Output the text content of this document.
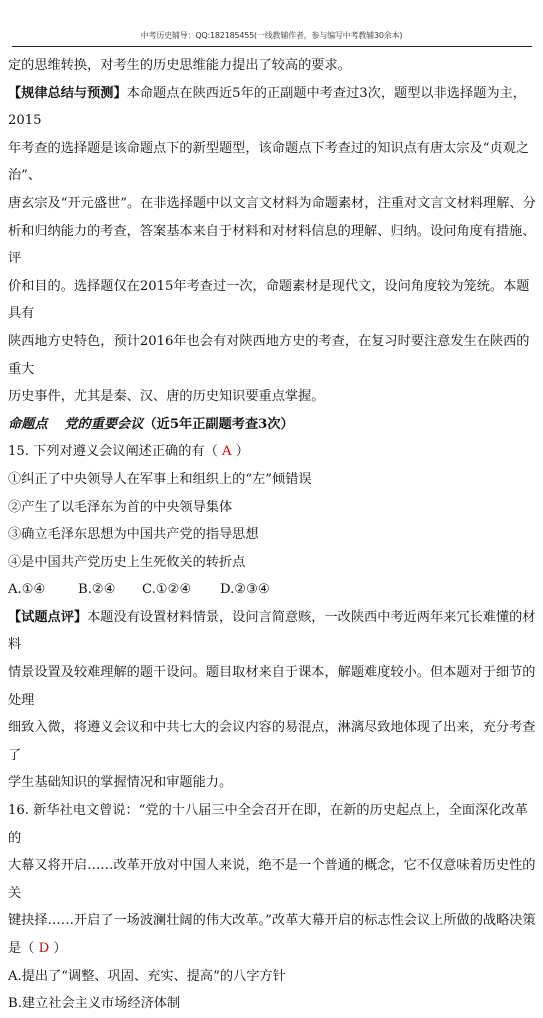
中考历史辅导：QQ:182185455(一线教辅作者，参与编写中考教辅30余本)

定的思维转换，对考生的历史思维能力提出了较高的要求。

【规律总结与预测】本命题点在陕西近5年的正副题中考查过3次，题型以非选择题为主，2015

年考查的选择题是该命题点下的新型题型，该命题点下考查过的知识点有唐太宗及“贞观之治”、

唐玄宗及“开元盛世”。在非选择题中以文言文材料为命题素材，注重对文言文材料理解、分

析和归纳能力的考查，答案基本来自于材料和对材料信息的理解、归纳。设问角度有措施、评

价和目的。选择题仅在2015年考查过一次，命题素材是现代文，设问角度较为笼统。本题具有

陕西地方史特色，预计2016年也会有对陕西地方史的考查，在复习时要注意发生在陕西的重大

历史事件，尤其是秦、汉、唐的历史知识要重点掌握。

命题点 党的重要会议（近5年正副题考查3次）

15. 下列对遵义会议阐述正确的有（ A ）

①纠正了中央领导人在军事上和组织上的“左”倾错误

②产生了以毛泽东为首的中央领导集体

③确立毛泽东思想为中国共产党的指导思想

④是中国共产党历史上生死攸关的转折点

A.①④ B.②④ C.①②④ D.②③④

【试题点评】本题没有设置材料情景，设问言简意赅，一改陕西中考近两年来冗长难懂的材料

情景设置及较难理解的题干设问。题目取材来自于课本，解题难度较小。但本题对于细节的处理

细致入微，将遵义会议和中共七大的会议内容的易混点，淋漓尽致地体现了出来，充分考查了

学生基础知识的掌握情况和审题能力。

16. 新华社电文曾说：“党的十八届三中全会召开在即，在新的历史起点上，全面深化改革的

大幕又将开启……改革开放对中国人来说，绝不是一个普通的概念，它不仅意味着历史性的关

键抉择……开启了一场波澜壮阔的伟大改革。”改革大幕开启的标志性会议上所做的战略决策

是（ D ）

A.提出了“调整、巩固、充实、提高”的八字方针

B.建立社会主义市场经济体制
